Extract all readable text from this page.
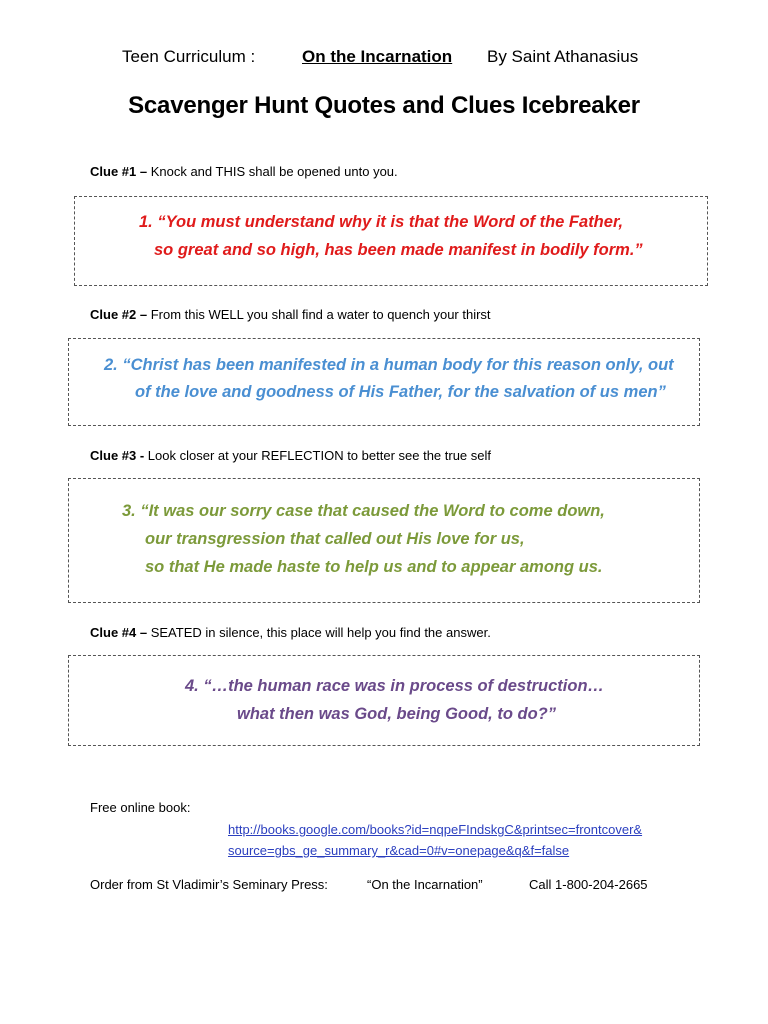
Teen Curriculum :	On the Incarnation By Saint Athanasius
Scavenger Hunt Quotes and Clues Icebreaker
Clue #1 – Knock and THIS shall be opened unto you.
1. “You must understand why it is that the Word of the Father,
so great and so high, has been made manifest in bodily form.”
Clue #2 – From this WELL you shall find a water to quench your thirst
2. “Christ has been manifested in a human body for this reason only, out
of the love and goodness of His Father, for the salvation of us men”
Clue #3 - Look closer at your REFLECTION to better see the true self
3. “It was our sorry case that caused the Word to come down,
our transgression that called out His love for us,
so that He made haste to help us and to appear among us.
Clue #4 – SEATED in silence, this place will help you find the answer.
4. “…the human race was in process of destruction…
what then was God, being Good, to do?”
Free online book:
http://books.google.com/books?id=nqpeFIndskgC&printsec=frontcover&
source=gbs_ge_summary_r&cad=0#v=onepage&q&f=false
Order from St Vladimir’s Seminary Press:	“On the Incarnation”	Call 1-800-204-2665
